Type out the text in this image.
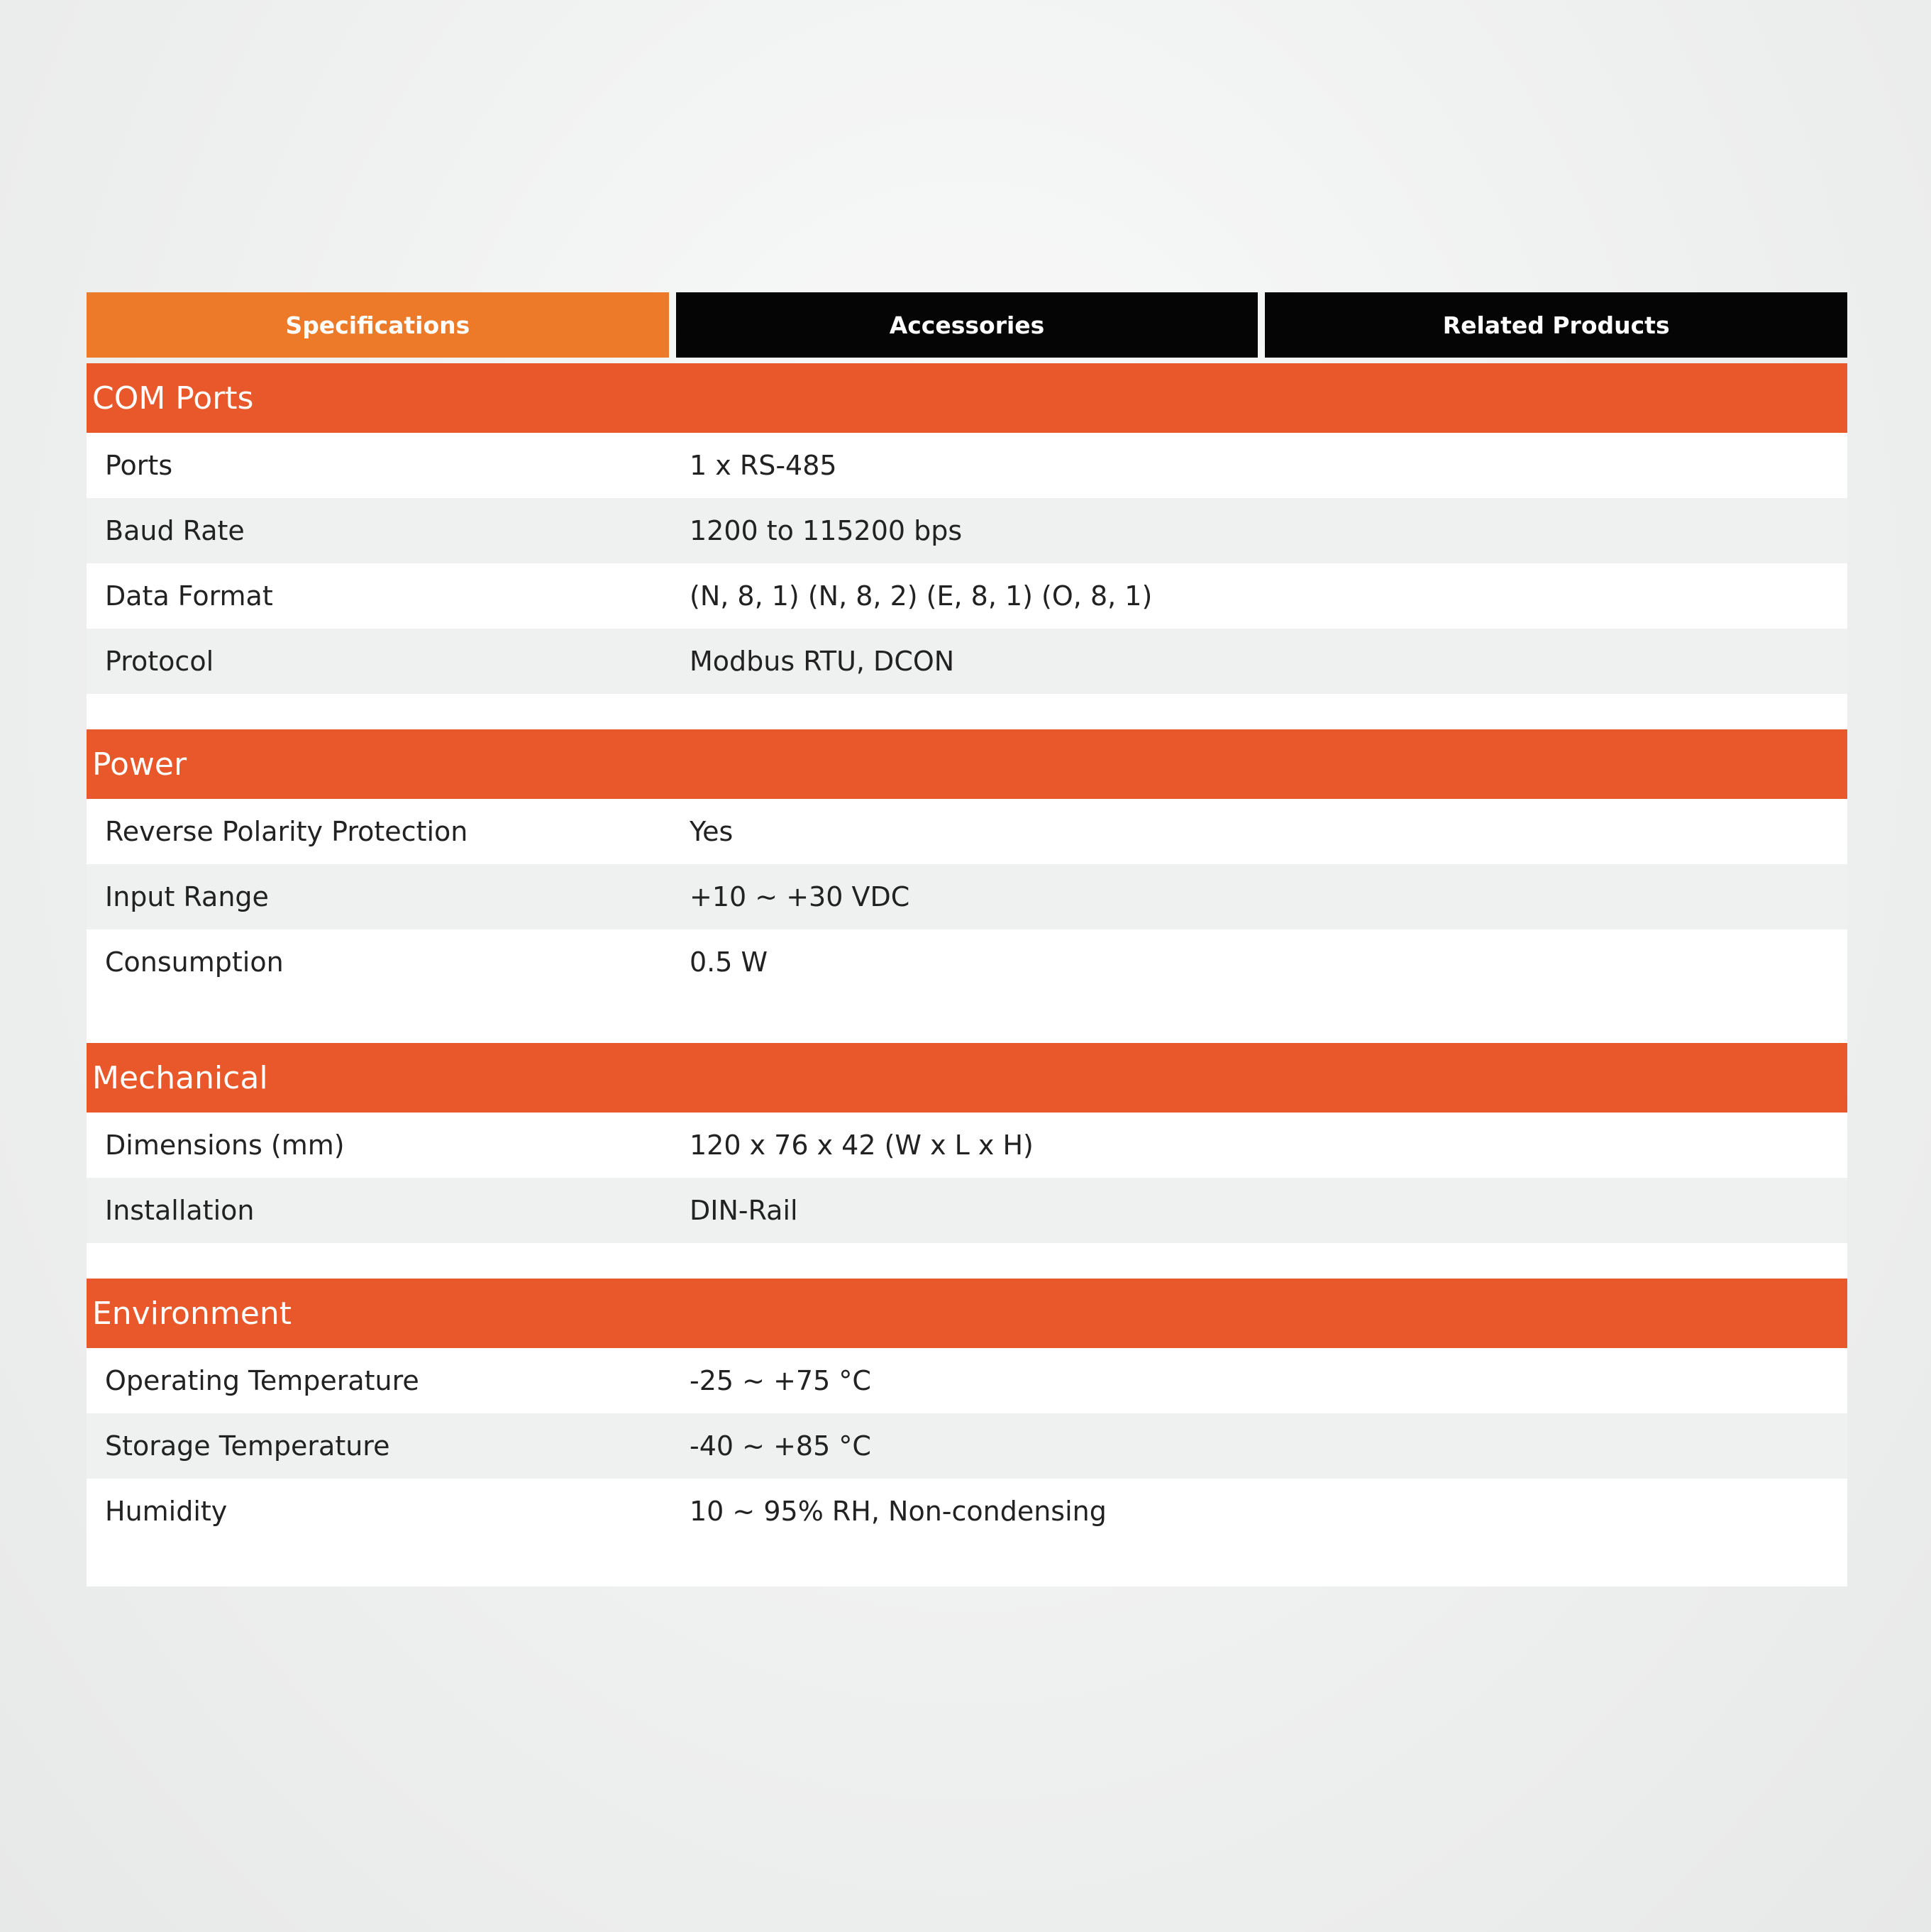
Specifications	Accessories	Related Products
COM Ports
Ports	1 x RS-485
Baud Rate	1200 to 115200 bps
Data Format	(N, 8, 1) (N, 8, 2) (E, 8, 1) (O, 8, 1)
Protocol	Modbus RTU, DCON
Power
Reverse Polarity Protection	Yes
Input Range	+10 ~ +30 VDC
Consumption	0.5 W
Mechanical
Dimensions (mm)	120 x 76 x 42 (W x L x H)
Installation	DIN-Rail
Environment
Operating Temperature	-25 ~ +75 °C
Storage Temperature	-40 ~ +85 °C
Humidity	10 ~ 95% RH, Non-condensing
